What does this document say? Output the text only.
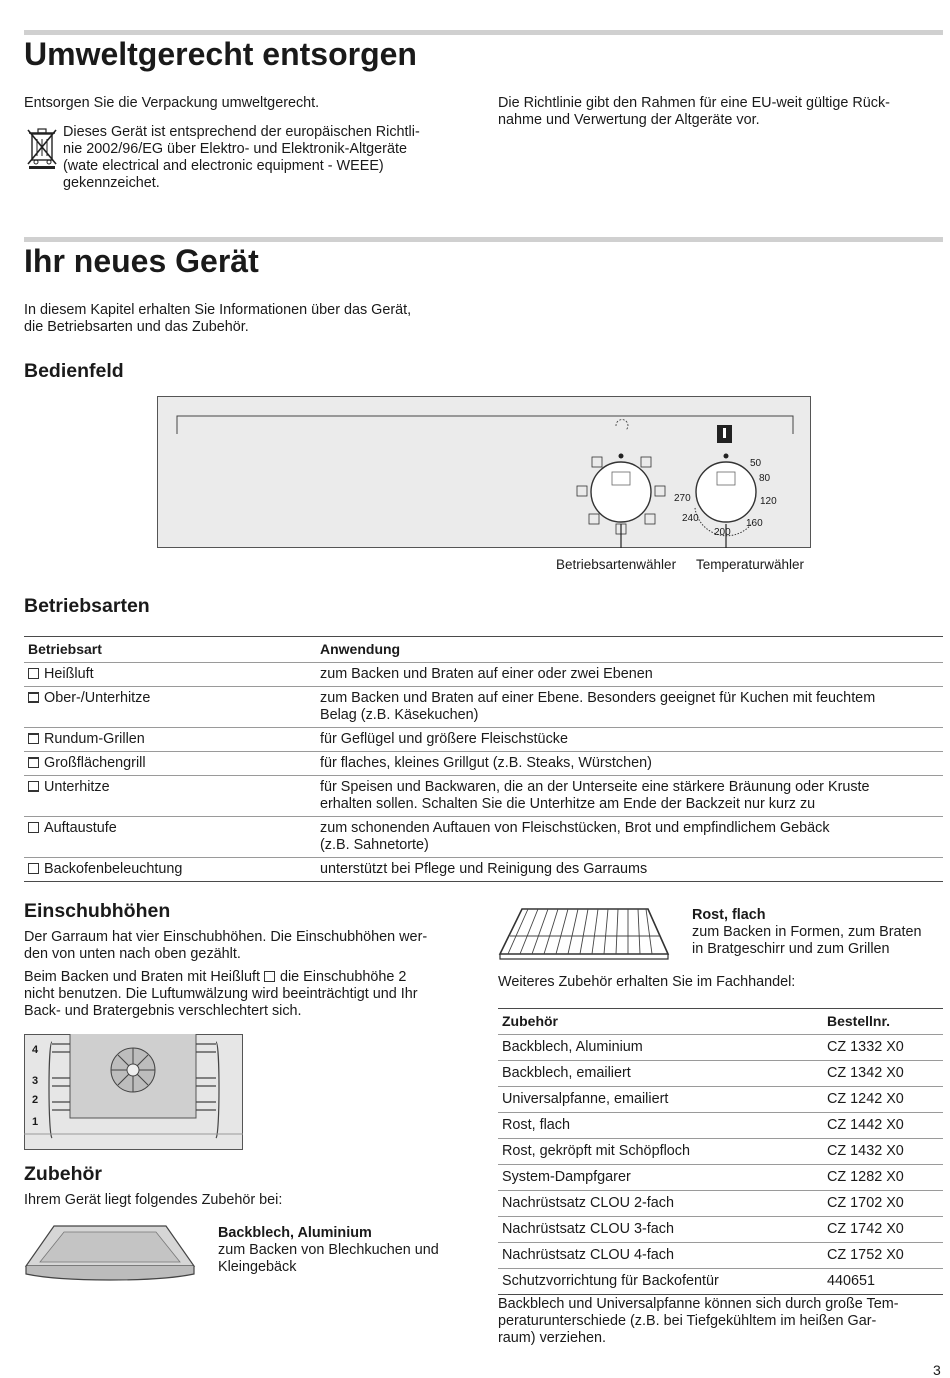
Umweltgerecht entsorgen

Entsorgen Sie die Verpackung umweltgerecht.

Dieses Gerät ist entsprechend der europäischen Richtli-
nie 2002/96/EG über Elektro- und Elektronik-Altgeräte
(wate electrical and electronic equipment - WEEE)
gekennzeichet.

Die Richtlinie gibt den Rahmen für eine EU-weit gültige Rück-
nahme und Verwertung der Altgeräte vor.

Ihr neues Gerät

In diesem Kapitel erhalten Sie Informationen über das Gerät,
die Betriebsarten und das Zubehör.

Bedienfeld
50
80
120
160
200
240
270
Betriebsartenwähler Temperaturwähler
Betriebsarten
Betriebsart	Anwendung
Heißluft	zum Backen und Braten auf einer oder zwei Ebenen

Ober-/Unterhitze	zum Backen und Braten auf einer Ebene. Besonders geeignet für Kuchen mit feuchtem
Belag (z.B. Käsekuchen)

Rundum-Grillen	für Geflügel und größere Fleischstücke

Großflächengrill	für flaches, kleines Grillgut (z.B. Steaks, Würstchen)

Unterhitze	für Speisen und Backwaren, die an der Unterseite eine stärkere Bräunung oder Kruste
erhalten sollen. Schalten Sie die Unterhitze am Ende der Backzeit nur kurz zu

Auftaustufe	zum schonenden Auftauen von Fleischstücken, Brot und empfindlichem Gebäck
(z.B. Sahnetorte)

Backofenbeleuchtung	unterstützt bei Pflege und Reinigung des Garraums
Einschubhöhen

Der Garraum hat vier Einschubhöhen. Die Einschubhöhen wer-
den von unten nach oben gezählt.

Beim Backen und Braten mit Heißluft die Einschubhöhe 2
nicht benutzen. Die Luftumwälzung wird beeinträchtigt und Ihr
Back- und Bratergebnis verschlechtert sich.

4
3
2
1
Zubehör

Ihrem Gerät liegt folgendes Zubehör bei:

Backblech, Aluminium
zum Backen von Blechkuchen und
Kleingebäck

Rost, flach
zum Backen in Formen, zum Braten
in Bratgeschirr und zum Grillen

Weiteres Zubehör erhalten Sie im Fachhandel:

Zubehör	Bestellnr.
Backblech, Aluminium	CZ 1332 X0
Backblech, emailiert	CZ 1342 X0
Universalpfanne, emailiert	CZ 1242 X0
Rost, flach	CZ 1442 X0
Rost, gekröpft mit Schöpfloch	CZ 1432 X0
System-Dampfgarer	CZ 1282 X0
Nachrüstsatz CLOU 2-fach	CZ 1702 X0
Nachrüstsatz CLOU 3-fach	CZ 1742 X0
Nachrüstsatz CLOU 4-fach	CZ 1752 X0
Schutzvorrichtung für Backofentür	440651

Backblech und Universalpfanne können sich durch große Tem-
peraturunterschiede (z.B. bei Tiefgekühltem im heißen Gar-
raum) verziehen.

3
